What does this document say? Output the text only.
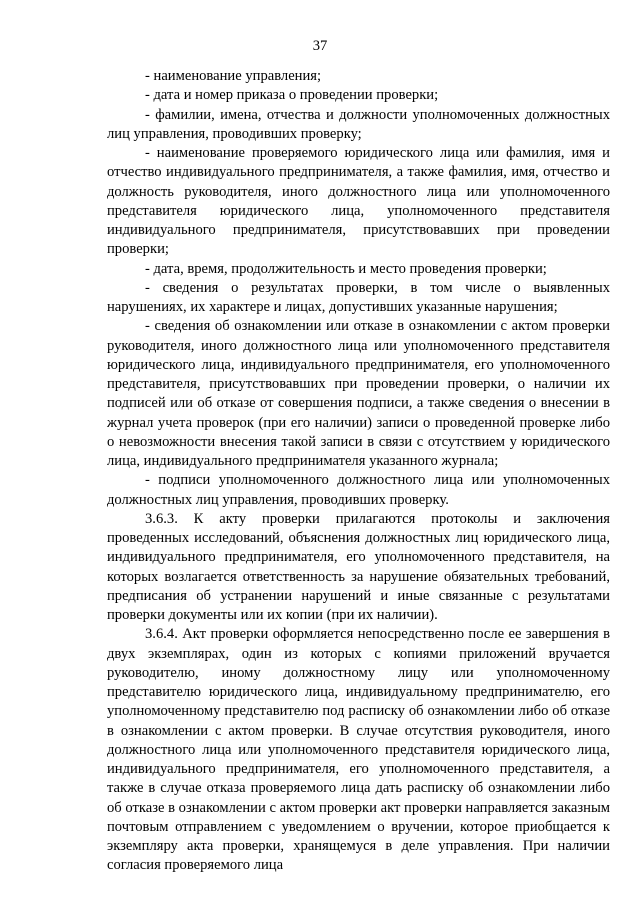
37

- наименование управления;

- дата и номер приказа о проведении проверки;

- фамилии, имена, отчества и должности уполномоченных должностных лиц управления, проводивших проверку;

- наименование проверяемого юридического лица или фамилия, имя и отчество индивидуального предпринимателя, а также фамилия, имя, отчество и должность руководителя, иного должностного лица или уполномоченного представителя юридического лица, уполномоченного представителя индивидуального предпринимателя, присутствовавших при проведении проверки;

- дата, время, продолжительность и место проведения проверки;

- сведения о результатах проверки, в том числе о выявленных нарушениях, их характере и лицах, допустивших указанные нарушения;

- сведения об ознакомлении или отказе в ознакомлении с актом проверки руководителя, иного должностного лица или уполномоченного представителя юридического лица, индивидуального предпринимателя, его уполномоченного представителя, присутствовавших при проведении проверки, о наличии их подписей или об отказе от совершения подписи, а также сведения о внесении в журнал учета проверок (при его наличии) записи о проведенной проверке либо о невозможности внесения такой записи в связи с отсутствием у юридического лица, индивидуального предпринимателя указанного журнала;

- подписи уполномоченного должностного лица или уполномоченных должностных лиц управления, проводивших проверку.

3.6.3. К акту проверки прилагаются протоколы и заключения проведенных исследований, объяснения должностных лиц юридического лица, индивидуального предпринимателя, его уполномоченного представителя, на которых возлагается ответственность за нарушение обязательных требований, предписания об устранении нарушений и иные связанные с результатами проверки документы или их копии (при их наличии).

3.6.4. Акт проверки оформляется непосредственно после ее завершения в двух экземплярах, один из которых с копиями приложений вручается руководителю, иному должностному лицу или уполномоченному представителю юридического лица, индивидуальному предпринимателю, его уполномоченному представителю под расписку об ознакомлении либо об отказе в ознакомлении с актом проверки. В случае отсутствия руководителя, иного должностного лица или уполномоченного представителя юридического лица, индивидуального предпринимателя, его уполномоченного представителя, а также в случае отказа проверяемого лица дать расписку об ознакомлении либо об отказе в ознакомлении с актом проверки акт проверки направляется заказным почтовым отправлением с уведомлением о вручении, которое приобщается к экземпляру акта проверки, хранящемуся в деле управления. При наличии согласия проверяемого лица
